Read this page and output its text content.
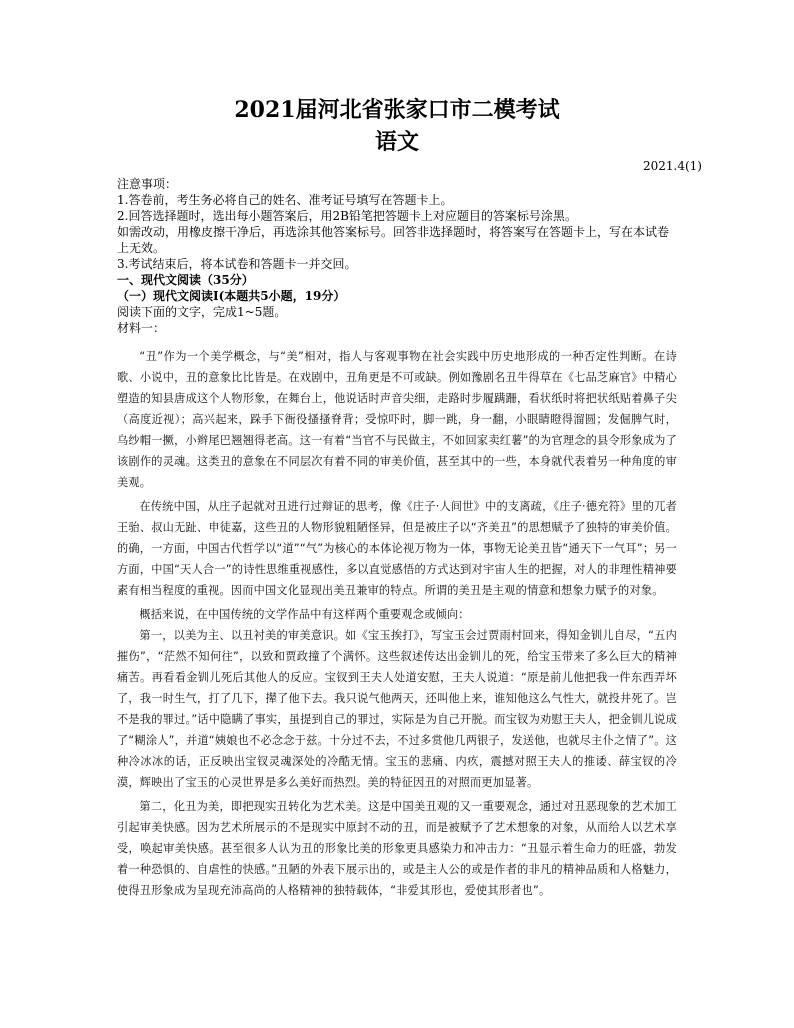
2021届河北省张家口市二模考试
语文
2021.4(1)
注意事项：
1.答卷前，考生务必将自己的姓名、准考证号填写在答题卡上。
2.回答选择题时，选出每小题答案后，用2B铅笔把答题卡上对应题目的答案标号涂黑。
如需改动，用橡皮擦干净后，再选涂其他答案标号。回答非选择题时，将答案写在答题卡上，写在本试卷上无效。
3.考试结束后，将本试卷和答题卡一并交回。
一、现代文阅读（35分）
（一）现代文阅读Ⅰ(本题共5小题，19分）
阅读下面的文字，完成1~5题。
材料一：

“丑”作为一个美学概念，与“美”相对，指人与客观事物在社会实践中历史地形成的一种否定性判断。在诗歌、小说中，丑的意象比比皆是。在戏剧中，丑角更是不可或缺。例如豫剧名丑牛得草在《七品芝麻官》中精心塑造的知县唐成这个人物形象，在舞台上，他说话时声音尖细，走路时步履蹒跚，看状纸时将把状纸贴着鼻子尖（高度近视）；高兴起来，跺手下衙役搔搔脊背；受惊吓时，脚一跳，身一翻，小眼睛瞪得溜圆；发倔脾气时，乌纱帽一撅，小辫尾巴翘翘得老高。这一有着“当官不与民做主，不如回家卖红薯”的为官理念的县令形象成为了该剧作的灵魂。这类丑的意象在不同层次有着不同的审美价值，甚至其中的一些，本身就代表着另一种角度的审美观。

在传统中国，从庄子起就对丑进行过辩证的思考，像《庄子·人间世》中的支离疏，《庄子·德充符》里的兀者王骀、叔山无趾、申徒嘉，这些丑的人物形貌粗陋怪异，但是被庄子以“齐美丑”的思想赋予了独特的审美价值。的确，一方面，中国古代哲学以“道”“气”为核心的本体论视万物为一体，事物无论美丑皆“通天下一气耳”；另一方面，中国“天人合一”的诗性思维重视感性，多以直觉感悟的方式达到对宇宙人生的把握，对人的非理性精神要素有相当程度的重视。因而中国文化显现出美丑兼审的特点。所谓的美丑是主观的情意和想象力赋予的对象。

概括来说，在中国传统的文学作品中有这样两个重要观念或倾向：

第一，以美为主、以丑衬美的审美意识。如《宝玉挨打》，写宝玉会过贾雨村回来，得知金钏儿自尽，“五内摧伤”，“茫然不知何往”，以致和贾政撞了个满怀。这些叙述传达出金钏儿的死，给宝玉带来了多么巨大的精神痛苦。再看看金钏儿死后其他人的反应。宝钗到王夫人处道安慰，王夫人说道：“原是前儿他把我一件东西弄坏了，我一时生气，打了几下，撵了他下去。我只说气他两天，还叫他上来，谁知他这么气性大，就投井死了。岂不是我的罪过。”话中隐瞒了事实，虽提到自己的罪过，实际是为自己开脱。而宝钗为劝慰王夫人，把金钏儿说成了“糊涂人”，并道“姨娘也不必念念于兹。十分过不去，不过多赏他几两银子，发送他，也就尽主仆之情了”。这种冷冰冰的话，正反映出宝钗灵魂深处的冷酷无情。宝玉的悲痛、内疚，震撼对照王夫人的推诿、薛宝钗的冷漠，辉映出了宝玉的心灵世界是多么美好而热烈。美的特征因丑的对照而更加显著。

第二，化丑为美，即把现实丑转化为艺术美。这是中国美丑观的又一重要观念，通过对丑恶现象的艺术加工引起审美快感。因为艺术所展示的不是现实中原封不动的丑，而是被赋予了艺术想象的对象，从而给人以艺术享受，唤起审美快感。甚至很多人认为丑的形象比美的形象更具感染力和冲击力：“丑显示着生命力的旺盛，勃发着一种恐惧的、自虐性的快感。”丑陋的外表下展示出的，或是主人公的或是作者的非凡的精神品质和人格魅力，使得丑形象成为呈现充沛高尚的人格精神的独特载体，“非爱其形也，爱使其形者也”。
